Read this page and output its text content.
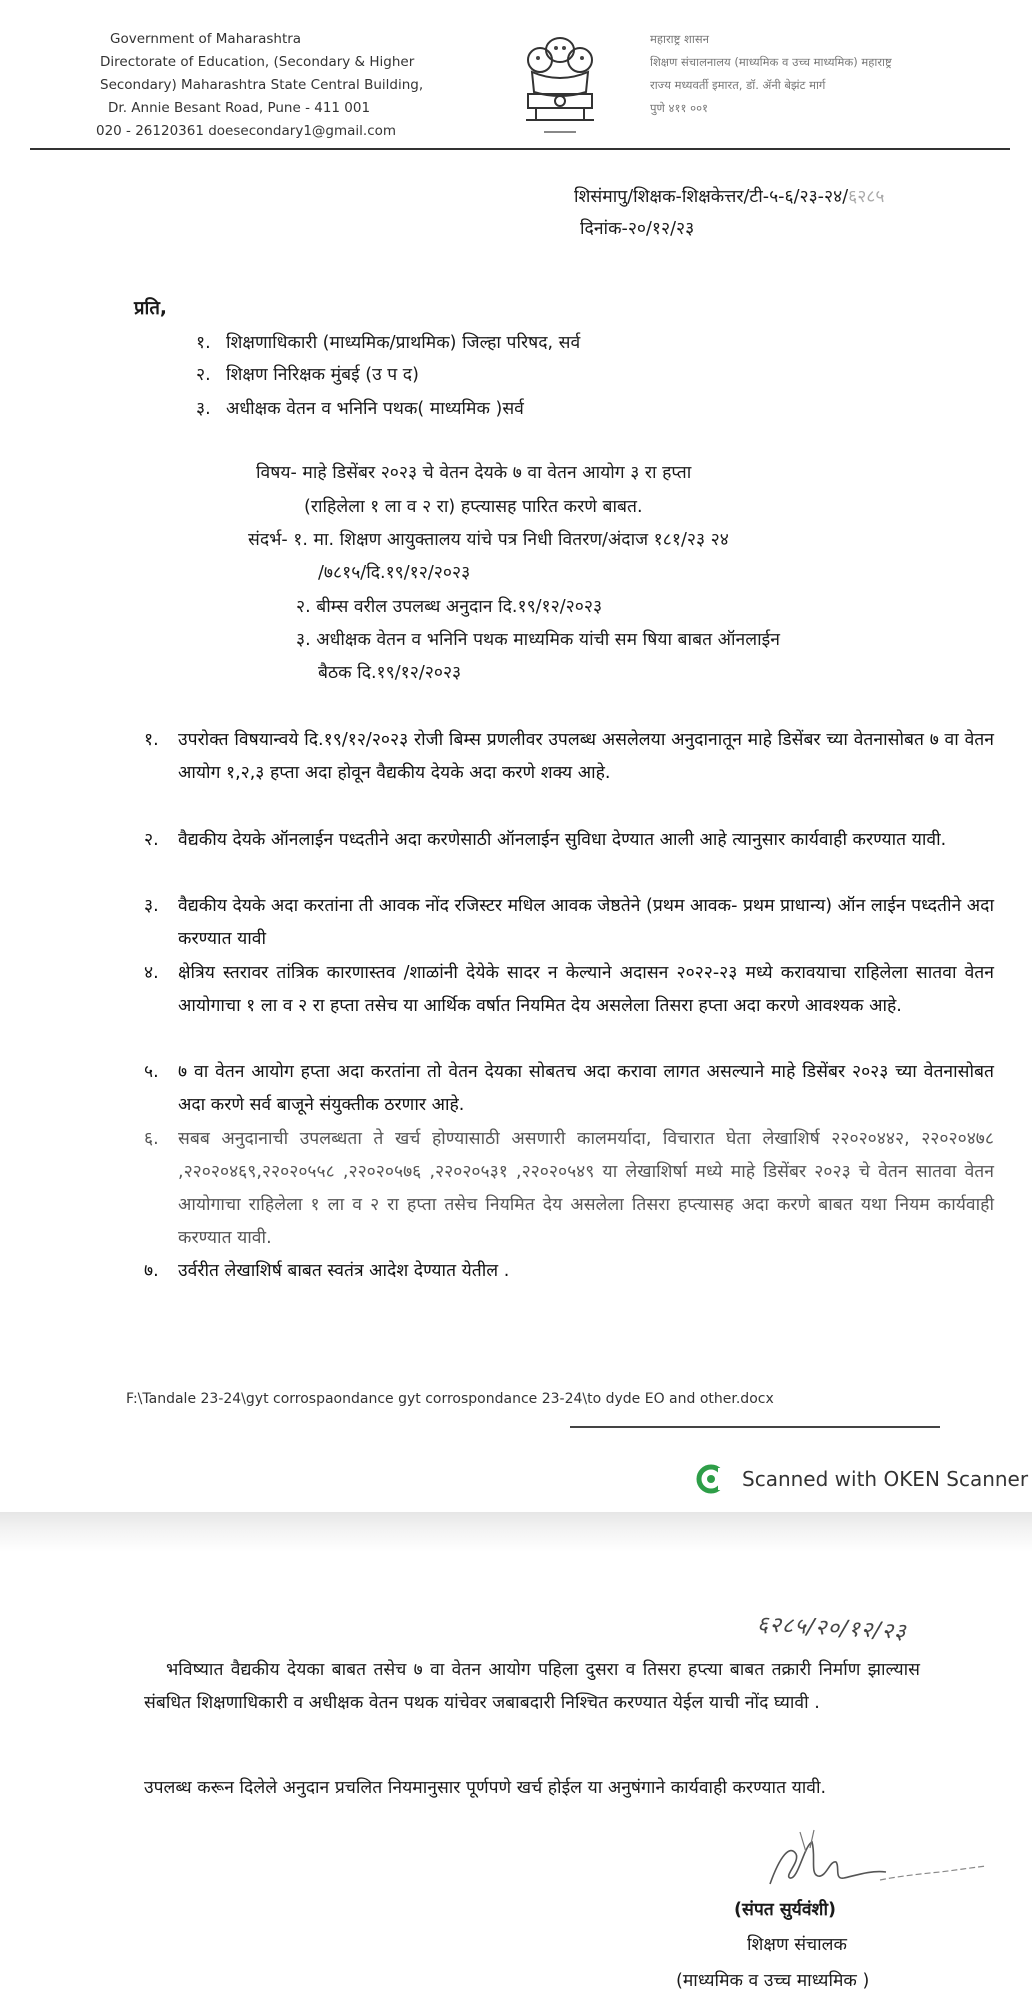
Government of Maharashtra
Directorate of Education, (Secondary & Higher
Secondary) Maharashtra State Central Building,
Dr. Annie Besant Road, Pune - 411 001
020 - 26120361 doesecondary1@gmail.com
महाराष्ट्र शासन
शिक्षण संचालनालय (माध्यमिक व उच्च माध्यमिक) महाराष्ट्र
राज्य मध्यवर्ती इमारत, डॉ. ॲनी बेझंट मार्ग
पुणे ४११ ००१
शिसंमापु/शिक्षक-शिक्षकेत्तर/टी-५-६/२३-२४/६२८५
दिनांक-२०/१२/२३
प्रति,
१. शिक्षणाधिकारी (माध्यमिक/प्राथमिक) जिल्हा परिषद, सर्व
२. शिक्षण निरिक्षक मुंबई (उ प द)
३. अधीक्षक वेतन व भनिनि पथक( माध्यमिक )सर्व
विषय- माहे डिसेंबर २०२३ चे वेतन देयके ७ वा वेतन आयोग ३ रा हप्ता
(राहिलेला १ ला व २ रा) हप्त्यासह पारित करणे बाबत.
संदर्भ- १. मा. शिक्षण आयुक्तालय यांचे पत्र निधी वितरण/अंदाज १८१/२३ २४
/७८१५/दि.१९/१२/२०२३
२. बीम्स वरील उपलब्ध अनुदान दि.१९/१२/२०२३
३. अधीक्षक वेतन व भनिनि पथक माध्यमिक यांची सम षिया बाबत ऑनलाईन
बैठक दि.१९/१२/२०२३
१.	उपरोक्त विषयान्वये दि.१९/१२/२०२३ रोजी बिम्स प्रणलीवर उपलब्ध असलेलया अनुदानातून माहे डिसेंबर च्या वेतनासोबत ७ वा वेतन आयोग १,२,३ हप्ता अदा होवून वैद्यकीय देयके अदा करणे शक्य आहे.
२.	वैद्यकीय देयके ऑनलाईन पध्दतीने अदा करणेसाठी ऑनलाईन सुविधा देण्यात आली आहे त्यानुसार कार्यवाही करण्यात यावी.
३.	वैद्यकीय देयके अदा करतांना ती आवक नोंद रजिस्टर मधिल आवक जेष्ठतेने (प्रथम आवक- प्रथम प्राधान्य) ऑन लाईन पध्दतीने अदा करण्यात यावी
४.	क्षेत्रिय स्तरावर तांत्रिक कारणास्तव /शाळांनी देयेके सादर न केल्याने अदासन २०२२-२३ मध्ये करावयाचा राहिलेला सातवा वेतन आयोगाचा १ ला व २ रा हप्ता तसेच या आर्थिक वर्षात नियमित देय असलेला तिसरा हप्ता अदा करणे आवश्यक आहे.
५.	७ वा वेतन आयोग हप्ता अदा करतांना तो वेतन देयका सोबतच अदा करावा लागत असल्याने माहे डिसेंबर २०२३ च्या वेतनासोबत अदा करणे सर्व बाजूने संयुक्तीक ठरणार आहे.
६.	सबब अनुदानाची उपलब्धता ते खर्च होण्यासाठी असणारी कालमर्यादा, विचारात घेता लेखाशिर्ष २२०२०४४२, २२०२०४७८ ,२२०२०४६९,२२०२०५५८ ,२२०२०५७६ ,२२०२०५३१ ,२२०२०५४९ या लेखाशिर्षा मध्ये माहे डिसेंबर २०२३ चे वेतन सातवा वेतन आयोगाचा राहिलेला १ ला व २ रा हप्ता तसेच नियमित देय असलेला तिसरा हप्त्यासह अदा करणे बाबत यथा नियम कार्यवाही करण्यात यावी.
७.	उर्वरीत लेखाशिर्ष बाबत स्वतंत्र आदेश देण्यात येतील .
F:\Tandale 23-24\gyt corrospaondance gyt corrospondance 23-24\to dyde EO and other.docx
Scanned with OKEN Scanner
६२८५/२०/१२/२३
भविष्यात वैद्यकीय देयका बाबत तसेच ७ वा वेतन आयोग पहिला दुसरा व तिसरा हप्त्या बाबत तक्रारी निर्माण झाल्यास संबधित शिक्षणाधिकारी व अधीक्षक वेतन पथक यांचेवर जबाबदारी निश्चित करण्यात येईल याची नोंद घ्यावी .
उपलब्ध करून दिलेले अनुदान प्रचलित नियमानुसार पूर्णपणे खर्च होईल या अनुषंगाने कार्यवाही करण्यात यावी.
(संपत सुर्यवंशी)
शिक्षण संचालक
(माध्यमिक व उच्च माध्यमिक )
